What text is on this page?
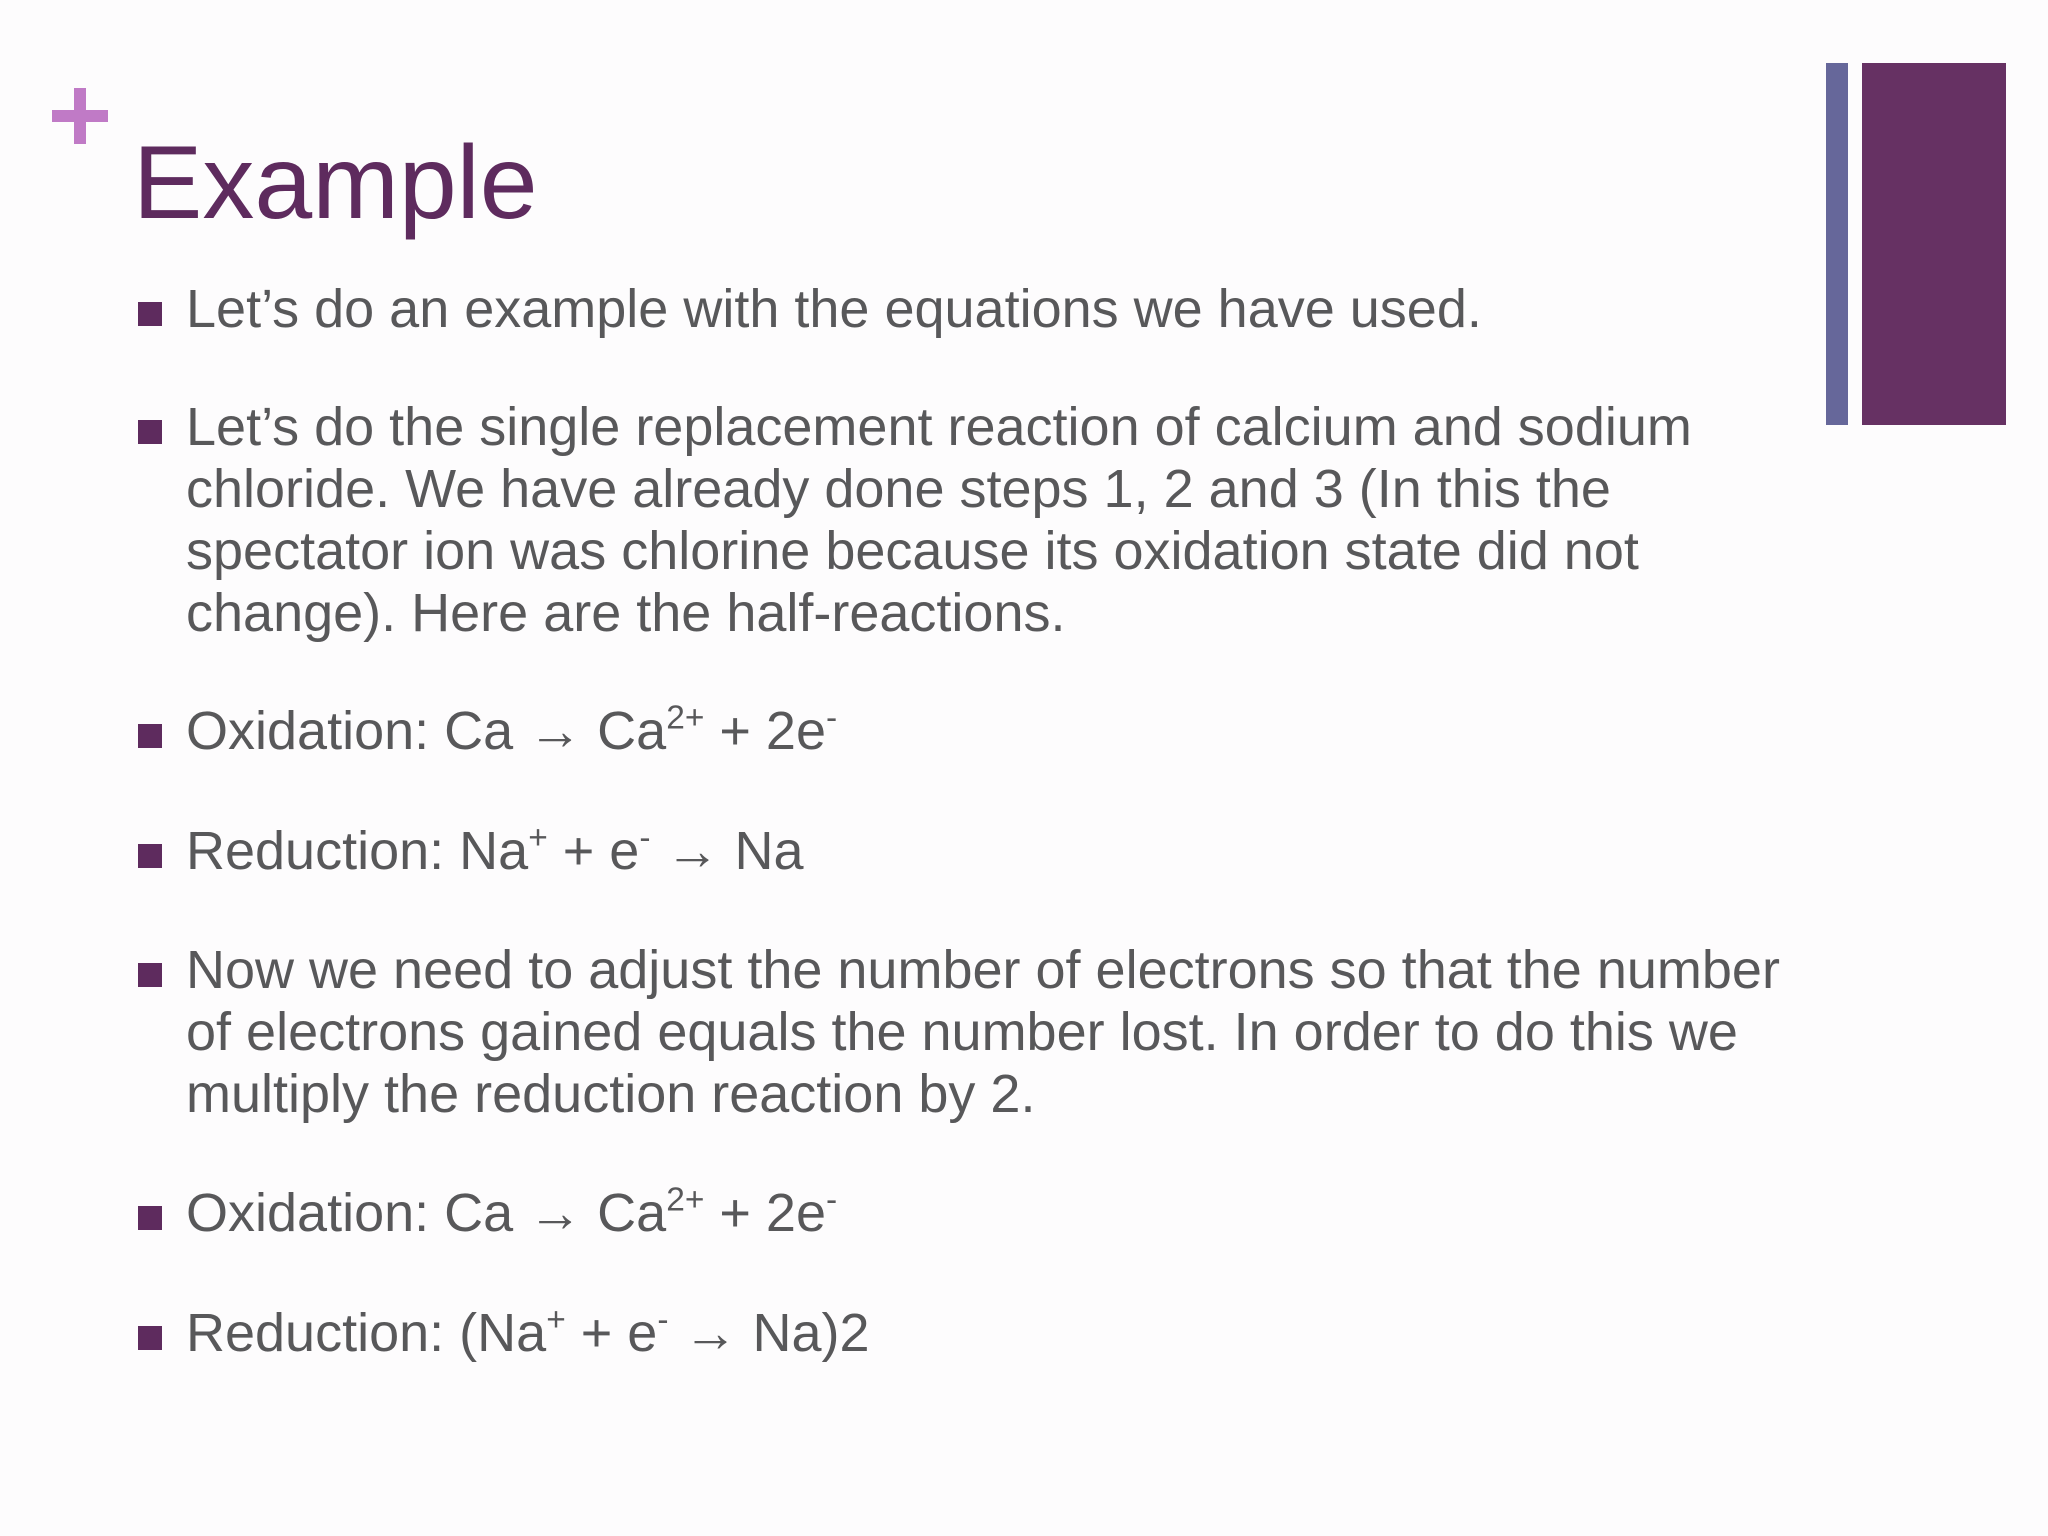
Example
Let’s do an example with the equations we have used.
Let’s do the single replacement reaction of calcium and sodium chloride. We have already done steps 1, 2 and 3 (In this the spectator ion was chlorine because its oxidation state did not change). Here are the half-reactions.
Oxidation: $Ca \to Ca^{2+} + 2e^-$
Reduction: Na+ + e- → Na
Now we need to adjust the number of electrons so that the number of electrons gained equals the number lost. In order to do this we multiply the reduction reaction by 2.
Oxidation: $Ca \to Ca^{2+} + 2e^-$
Reduction: (Na+ + e- → Na)2
